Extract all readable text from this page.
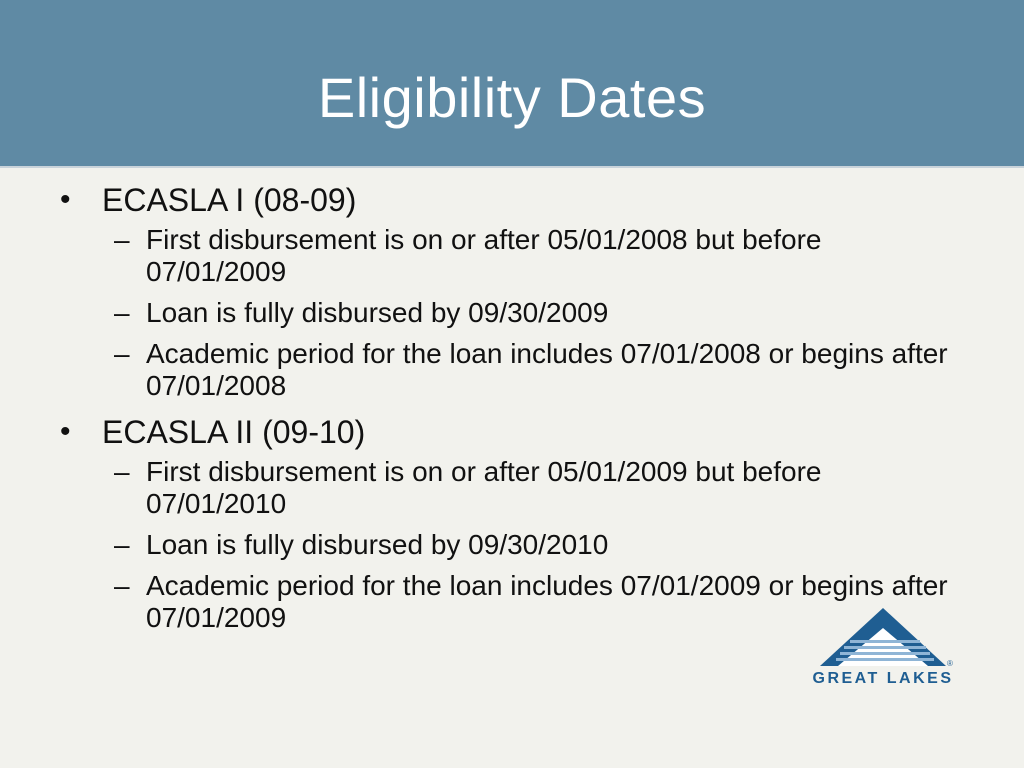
Eligibility Dates
• ECASLA I (08-09)
– First disbursement is on or after 05/01/2008 but before 07/01/2009
– Loan is fully disbursed by 09/30/2009
– Academic period for the loan includes 07/01/2008 or begins after 07/01/2008
• ECASLA II (09-10)
– First disbursement is on or after 05/01/2009 but before 07/01/2010
– Loan is fully disbursed by 09/30/2010
– Academic period for the loan includes 07/01/2009 or begins after 07/01/2009
®
GREAT LAKES
